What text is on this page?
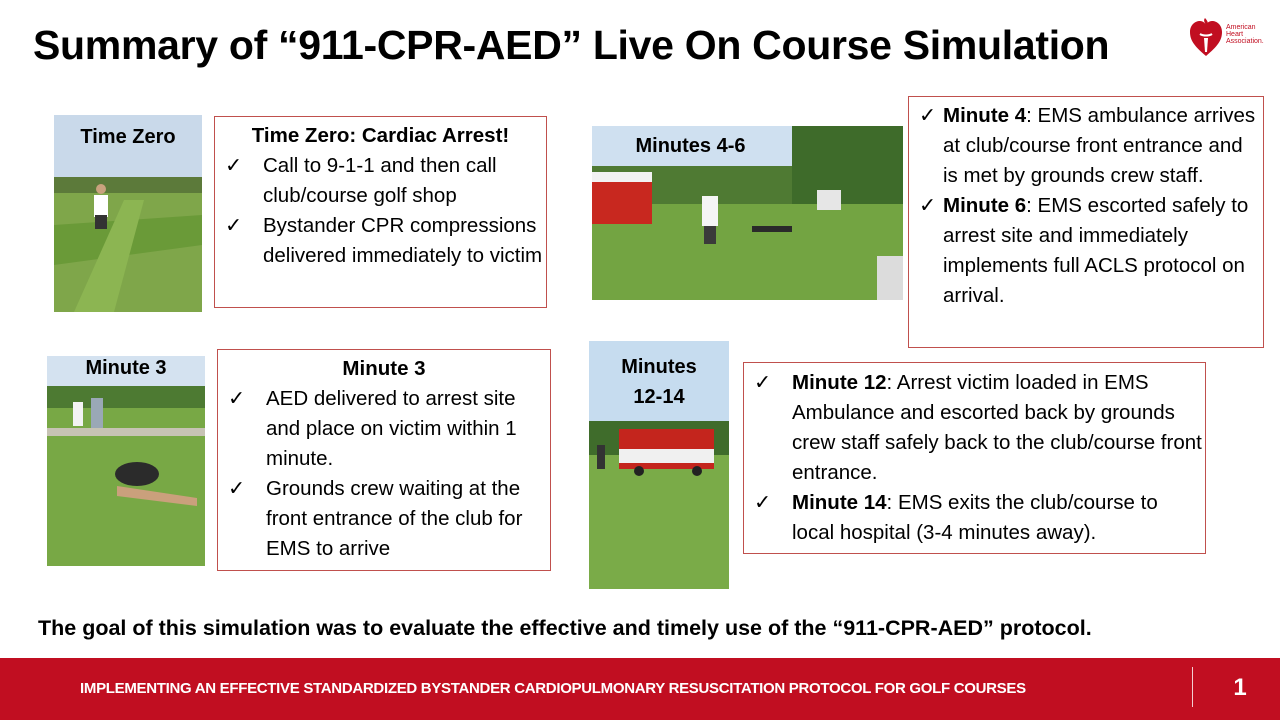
Summary of “911-CPR-AED” Live On Course Simulation	American
Heart
Association.
Time Zero	Time Zero: Cardiac Arrest!
✓ Call to 9-1-1 and then call club/course golf shop
✓ Bystander CPR compressions delivered immediately to victim
Minutes 4-6
✓ Minute 4: EMS ambulance arrives at club/course front entrance and is met by grounds crew staff.
✓ Minute 6: EMS escorted safely to arrest site and immediately implements full ACLS protocol on arrival.
Minute 3	Minute 3
✓ AED delivered to arrest site and place on victim within 1 minute.
✓ Grounds crew waiting at the front entrance of the club for EMS to arrive
Minutes
12-14
✓ Minute 12: Arrest victim loaded in EMS Ambulance and escorted back by grounds crew staff safely back to the club/course front entrance.
✓ Minute 14: EMS exits the club/course to local hospital (3-4 minutes away).
The goal of this simulation was to evaluate the effective and timely use of the “911-CPR-AED” protocol.
IMPLEMENTING AN EFFECTIVE STANDARDIZED BYSTANDER CARDIOPULMONARY RESUSCITATION PROTOCOL FOR GOLF COURSES	1
